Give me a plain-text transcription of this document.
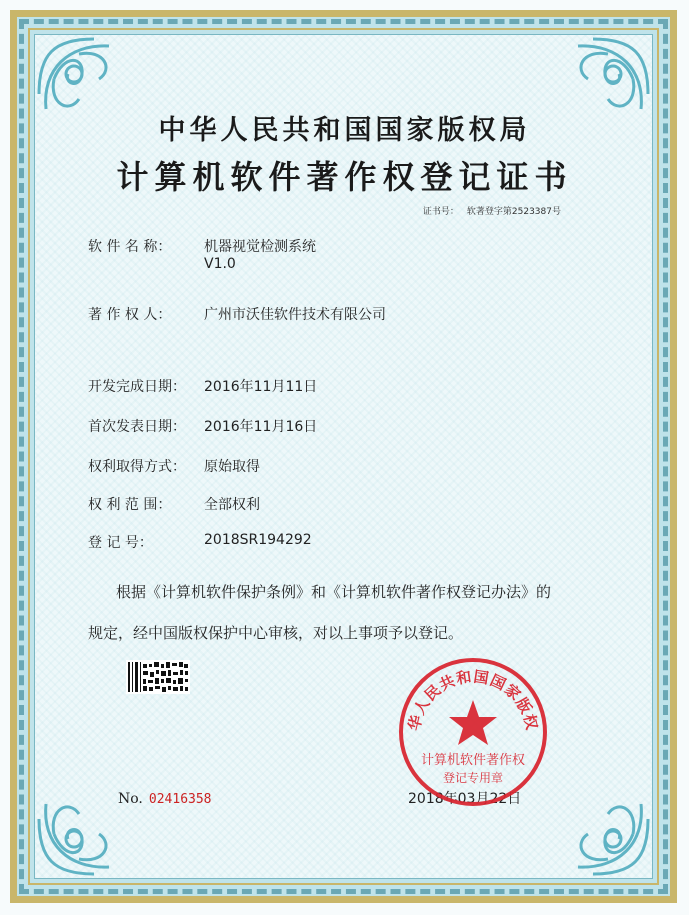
中华人民共和国国家版权局
计算机软件著作权登记证书
证书号： 软著登字第2523387号
软 件 名 称： 机器视觉检测系统
V1.0
著 作 权 人： 广州市沃佳软件技术有限公司
开发完成日期： 2016年11月11日
首次发表日期： 2016年11月16日
权利取得方式： 原始取得
权 利 范 围： 全部权利
登 记 号：	2018SR194292
根据《计算机软件保护条例》和《计算机软件著作权登记办法》的
规定，经中国版权保护中心审核，对以上事项予以登记。
No. 02416358	2018年03月22日
华人民共和国国家版权
计算机软件著作权
登记专用章
